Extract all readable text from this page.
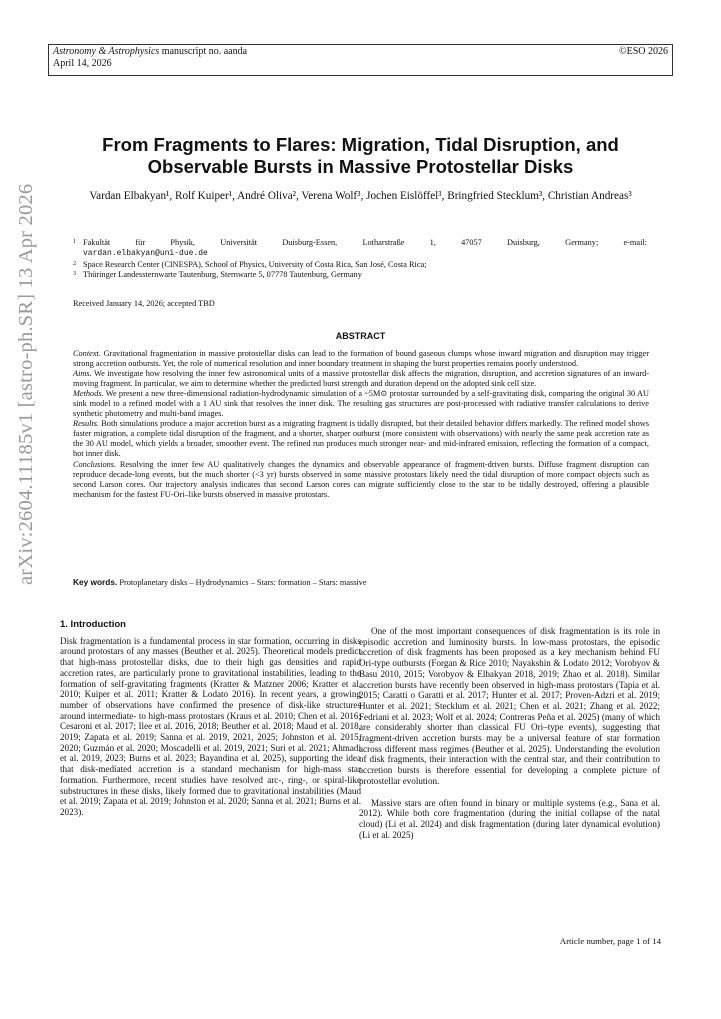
Astronomy & Astrophysics manuscript no. aanda	©ESO 2026
April 14, 2026
arXiv:2604.11185v1 [astro-ph.SR] 13 Apr 2026
From Fragments to Flares: Migration, Tidal Disruption, and Observable Bursts in Massive Protostellar Disks
Vardan Elbakyan¹, Rolf Kuiper¹, André Oliva², Verena Wolf³, Jochen Eislöffel³, Bringfried Stecklum³, Christian Andreas³
1 Fakultät für Physik, Universität Duisburg-Essen, Lotharstraße 1, 47057 Duisburg, Germany; e-mail:
vardan.elbakyan@uni-due.de
2 Space Research Center (CINESPA), School of Physics, University of Costa Rica, San José, Costa Rica;
3 Thüringer Landessternwarte Tautenburg, Sternwarte 5, 07778 Tautenburg, Germany
Received January 14, 2026; accepted TBD
ABSTRACT

Context. Gravitational fragmentation in massive protostellar disks can lead to the formation of bound gaseous clumps whose inward migration and disruption may trigger strong accretion outbursts. Yet, the role of numerical resolution and inner boundary treatment in shaping the burst properties remains poorly understood.

Aims. We investigate how resolving the inner few astronomical units of a massive protostellar disk affects the migration, disruption, and accretion signatures of an inward-moving fragment. In particular, we aim to determine whether the predicted burst strength and duration depend on the adopted sink cell size.

Methods. We present a new three-dimensional radiation-hydrodynamic simulation of a ~5M⊙ protostar surrounded by a self-gravitating disk, comparing the original 30 AU sink model to a refined model with a 1 AU sink that resolves the inner disk. The resulting gas structures are post-processed with radiative transfer calculations to derive synthetic photometry and multi-band images.

Results. Both simulations produce a major accretion burst as a migrating fragment is tidally disrupted, but their detailed behavior differs markedly. The refined model shows faster migration, a complete tidal disruption of the fragment, and a shorter, sharper outburst (more consistent with observations) with nearly the same peak accretion rate as the 30 AU model, which yields a broader, smoother event. The refined run produces much stronger near- and mid-infrared emission, reflecting the formation of a compact, hot inner disk.

Conclusions. Resolving the inner few AU qualitatively changes the dynamics and observable appearance of fragment-driven bursts. Diffuse fragment disruption can reproduce decade-long events, but the much shorter (<3 yr) bursts observed in some massive protostars likely need the tidal disruption of more compact objects such as second Larson cores. Our trajectory analysis indicates that second Larson cores can migrate sufficiently close to the star to be tidally destroyed, offering a plausible mechanism for the fastest FU-Ori–like bursts observed in massive protostars.

Key words. Protoplanetary disks – Hydrodynamics – Stars: formation – Stars: massive
1. Introduction

Disk fragmentation is a fundamental process in star formation, occurring in disks around protostars of any masses (Beuther et al. 2025). Theoretical models predict that high-mass protostellar disks, due to their high gas densities and rapid accretion rates, are particularly prone to gravitational instabilities, leading to the formation of self-gravitating fragments (Kratter & Matzner 2006; Kratter et al. 2010; Kuiper et al. 2011; Kratter & Lodato 2016). In recent years, a growing number of observations have confirmed the presence of disk-like structures around intermediate- to high-mass protostars (Kraus et al. 2010; Chen et al. 2016; Cesaroni et al. 2017; Ilee et al. 2016, 2018; Beuther et al. 2018; Maud et al. 2018, 2019; Zapata et al. 2019; Sanna et al. 2019, 2021, 2025; Johnston et al. 2015, 2020; Guzmán et al. 2020; Moscadelli et al. 2019, 2021; Suri et al. 2021; Ahmadi et al. 2019, 2023; Burns et al. 2023; Bayandina et al. 2025), supporting the idea that disk-mediated accretion is a standard mechanism for high-mass star formation. Furthermore, recent studies have resolved arc-, ring-, or spiral-like substructures in these disks, likely formed due to gravitational instabilities (Maud et al. 2019; Zapata et al. 2019; Johnston et al. 2020; Sanna et al. 2021; Burns et al. 2023).

One of the most important consequences of disk fragmentation is its role in episodic accretion and luminosity bursts. In low-mass protostars, the episodic accretion of disk fragments has been proposed as a key mechanism behind FU Ori-type outbursts (Forgan & Rice 2010; Nayakshin & Lodato 2012; Vorobyov & Basu 2010, 2015; Vorobyov & Elbakyan 2018, 2019; Zhao et al. 2018). Similar accretion bursts have recently been observed in high-mass protostars (Tapia et al. 2015; Caratti o Garatti et al. 2017; Hunter et al. 2017; Proven-Adzri et al. 2019; Hunter et al. 2021; Stecklum et al. 2021; Chen et al. 2021; Zhang et al. 2022; Fedriani et al. 2023; Wolf et al. 2024; Contreras Peña et al. 2025) (many of which are considerably shorter than classical FU Ori–type events), suggesting that fragment-driven accretion bursts may be a universal feature of star formation across different mass regimes (Beuther et al. 2025). Understanding the evolution of disk fragments, their interaction with the central star, and their contribution to accretion bursts is therefore essential for developing a complete picture of protostellar evolution.

Massive stars are often found in binary or multiple systems (e.g., Sana et al. 2012). While both core fragmentation (during the initial collapse of the natal cloud) (Li et al. 2024) and disk fragmentation (during later dynamical evolution) (Li et al. 2025)

Article number, page 1 of 14
